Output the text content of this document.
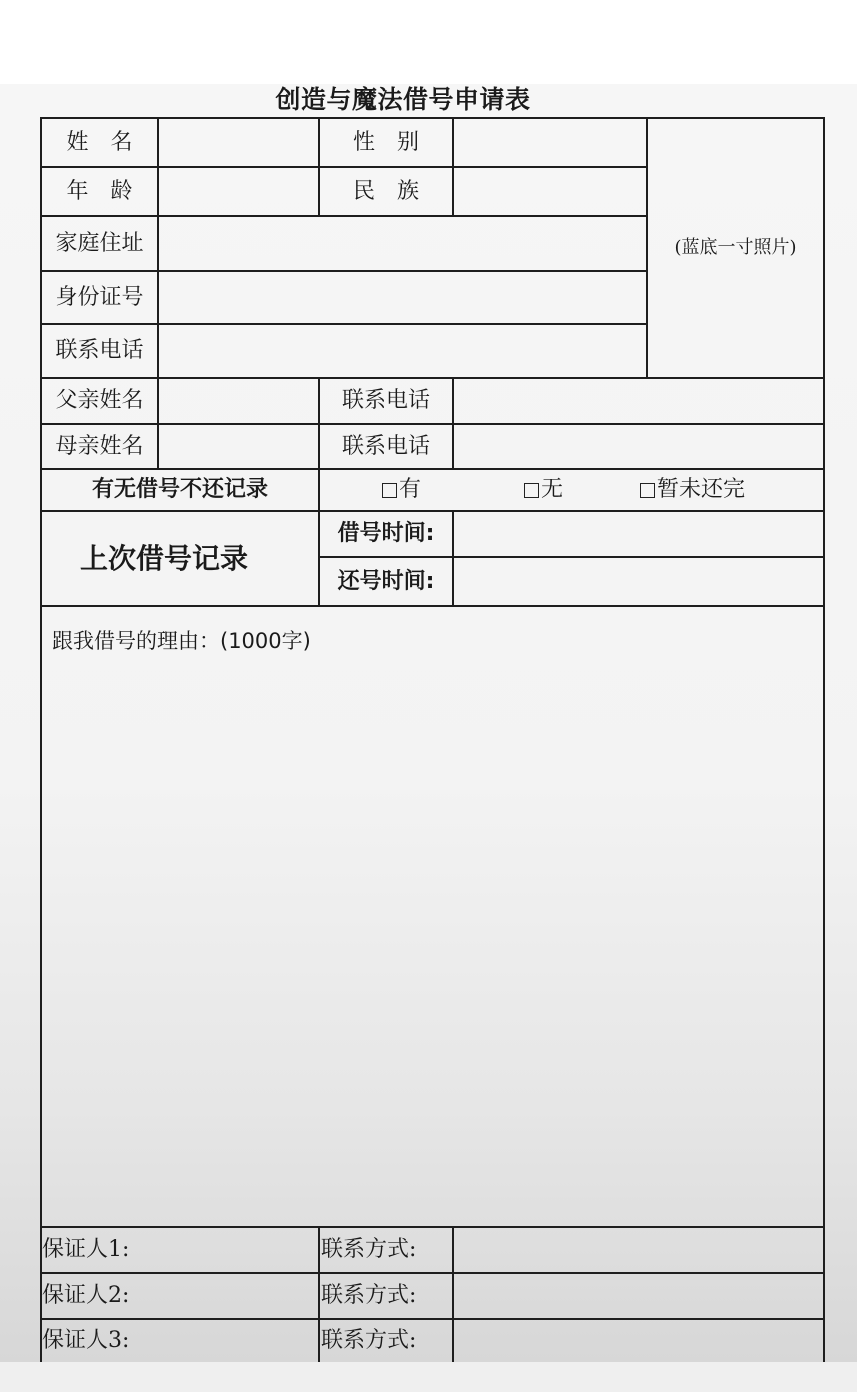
创造与魔法借号申请表
姓　名	性　别
年　龄	民　族
(蓝底一寸照片)
家庭住址
身份证号
联系电话
父亲姓名	联系电话
母亲姓名	联系电话
有无借号不还记录	有	无	暂未还完
上次借号记录
借号时间:
还号时间:
跟我借号的理由：(1000字)
保证人1:	联系方式:
保证人2:	联系方式:
保证人3:	联系方式:
